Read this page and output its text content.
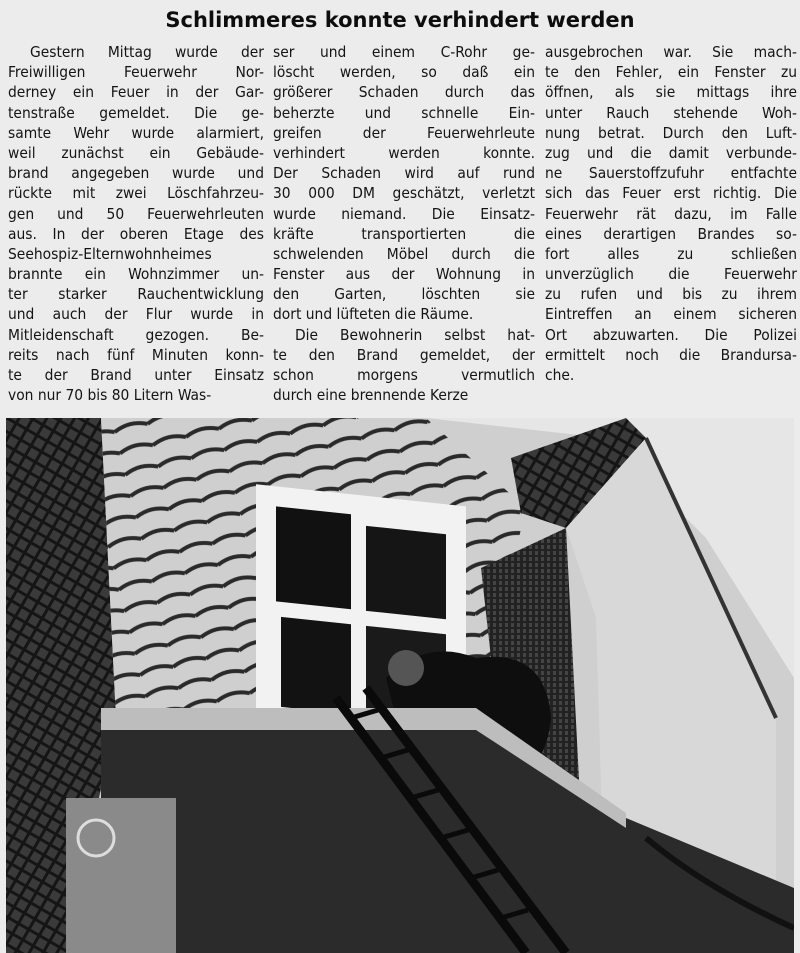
Schlimmeres konnte verhindert werden
Gestern Mittag wurde der
Freiwilligen Feuerwehr Nor-
derney ein Feuer in der Gar-
tenstraße gemeldet. Die ge-
samte Wehr wurde alarmiert,
weil zunächst ein Gebäude-
brand angegeben wurde und
rückte mit zwei Löschfahrzeu-
gen und 50 Feuerwehrleuten
aus. In der oberen Etage des
Seehospiz-Elternwohnheimes
brannte ein Wohnzimmer un-
ter starker Rauchentwicklung
und auch der Flur wurde in
Mitleidenschaft gezogen. Be-
reits nach fünf Minuten konn-
te der Brand unter Einsatz
von nur 70 bis 80 Litern Was-
ser und einem C-Rohr ge-
löscht werden, so daß ein
größerer Schaden durch das
beherzte und schnelle Ein-
greifen der Feuerwehrleute
verhindert werden konnte.
Der Schaden wird auf rund
30 000 DM geschätzt, verletzt
wurde niemand. Die Einsatz-
kräfte transportierten die
schwelenden Möbel durch die
Fenster aus der Wohnung in
den Garten, löschten sie
dort und lüfteten die Räume.
Die Bewohnerin selbst hat-
te den Brand gemeldet, der
schon morgens vermutlich
durch eine brennende Kerze
ausgebrochen war. Sie mach-
te den Fehler, ein Fenster zu
öffnen, als sie mittags ihre
unter Rauch stehende Woh-
nung betrat. Durch den Luft-
zug und die damit verbunde-
ne Sauerstoffzufuhr entfachte
sich das Feuer erst richtig. Die
Feuerwehr rät dazu, im Falle
eines derartigen Brandes so-
fort alles zu schließen
unverzüglich die Feuerwehr
zu rufen und bis zu ihrem
Eintreffen an einem sicheren
Ort abzuwarten. Die Polizei
ermittelt noch die Brandursa-
che.
